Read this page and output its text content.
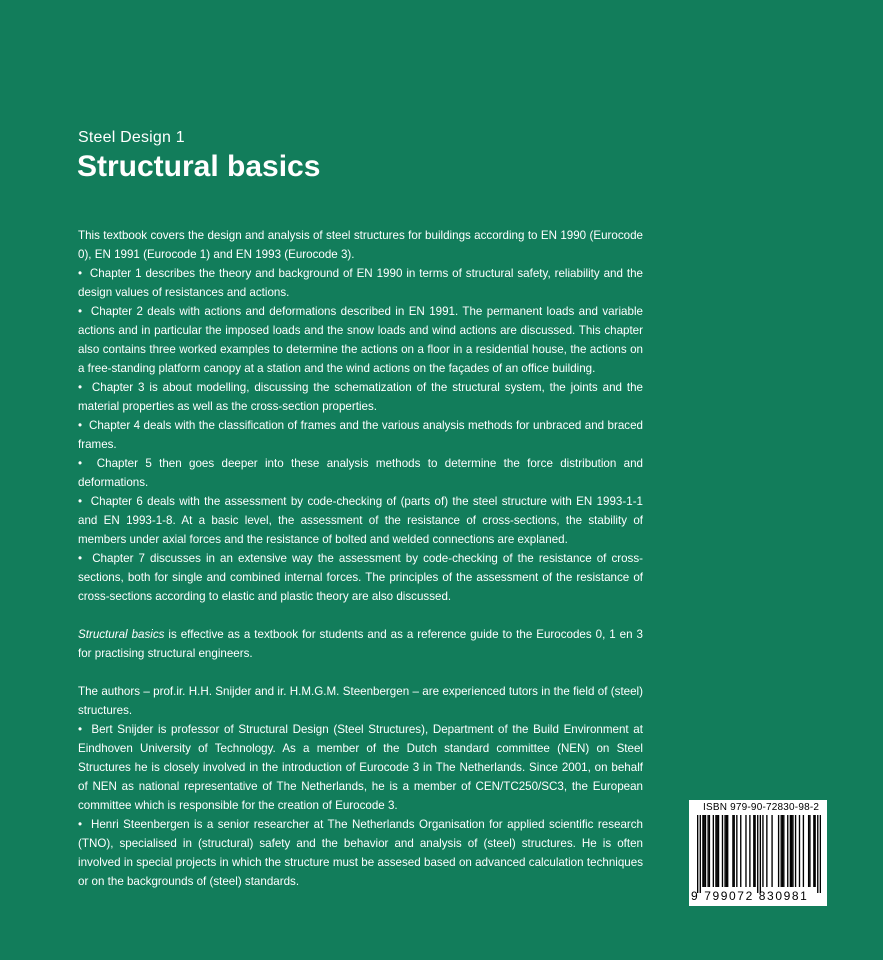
Steel Design 1
Structural basics

This textbook covers the design and analysis of steel structures for buildings according to EN 1990 (Eurocode 0), EN 1991 (Eurocode 1) and EN 1993 (Eurocode 3).

•  Chapter 1 describes the theory and background of EN 1990 in terms of structural safety, reliability and the design values of resistances and actions.

•  Chapter 2 deals with actions and deformations described in EN 1991. The permanent loads and variable actions and in particular the imposed loads and the snow loads and wind actions are discussed. This chapter also contains three worked examples to determine the actions on a floor in a residential house, the actions on a free-standing platform canopy at a station and the wind actions on the façades of an office building.

•  Chapter 3 is about modelling, discussing the schematization of the structural system, the joints and the material properties as well as the cross-section properties.

•  Chapter 4 deals with the classification of frames and the various analysis methods for unbraced and braced frames.

•  Chapter 5 then goes deeper into these analysis methods to determine the force distribution and deformations.

•  Chapter 6 deals with the assessment by code-checking of (parts of) the steel structure with EN 1993-1-1 and EN 1993-1-8. At a basic level, the assessment of the resistance of cross-sections, the stability of members under axial forces and the resistance of bolted and welded connections are explaned.

•  Chapter 7 discusses in an extensive way the assessment by code-checking of the resistance of cross-sections, both for single and combined internal forces. The principles of the assessment of the resistance of cross-sections according to elastic and plastic theory are also discussed.

Structural basics is effective as a textbook for students and as a reference guide to the Eurocodes 0, 1 en 3 for practising structural engineers.

The authors – prof.ir. H.H. Snijder and ir. H.M.G.M. Steenbergen – are experienced tutors in the field of (steel) structures.

•  Bert Snijder is professor of Structural Design (Steel Structures), Department of the Build Environment at Eindhoven University of Technology. As a member of the Dutch standard committee (NEN) on Steel Structures he is closely involved in the introduction of Eurocode 3 in The Netherlands. Since 2001, on behalf of NEN as national representative of The Netherlands, he is a member of CEN/TC250/SC3, the European committee which is responsible for the creation of Eurocode 3.

•  Henri Steenbergen is a senior researcher at The Netherlands Organisation for applied scientific research (TNO), specialised in (structural) safety and the behavior and analysis of (steel) structures. He is often involved in special projects in which the structure must be assesed based on advanced calculation techniques or on the backgrounds of (steel) standards.

ISBN 979-90-72830-98-2
9 799072 830981
